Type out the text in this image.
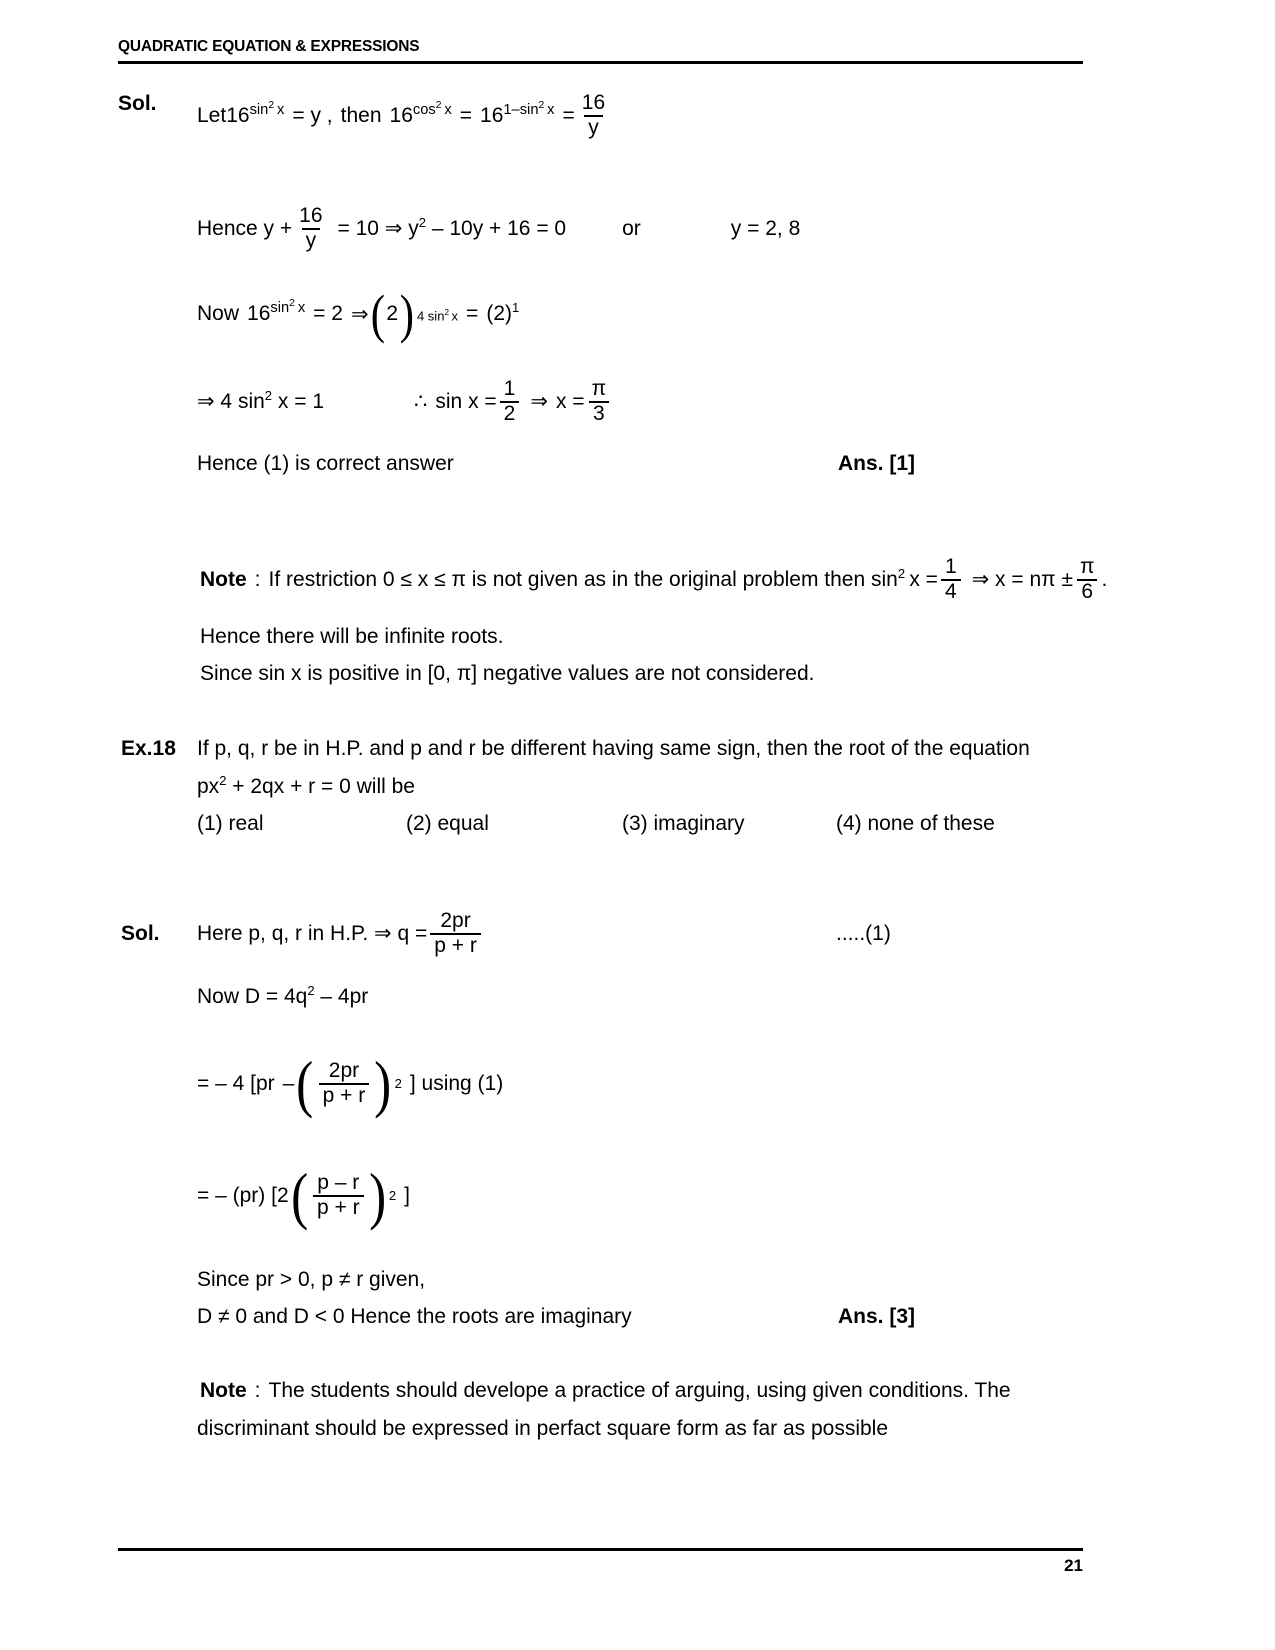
QUADRATIC EQUATION & EXPRESSIONS
Sol.
Let $16^{sin^2 x} = y$ , then $16^{cos^2 x} = 16^{1-sin^2 x} = \frac{16}{y}$
Hence $y + \frac{16}{y} = 10$ ⇒ $y^2 - 10y + 16 = 0$	or	y = 2, 8
Now $16^{sin^2 x} = 2$ ⇒ ( 2 ) 4 $\sin^2 x = (2)^1$
⇒ 4 $\sin^2 x = 1$	∴ $\sin x = \frac{1}{2}$ ⇒ $x = \frac{\pi}{3}$
Hence (1) is correct answer	Ans. [1]
Note : If restriction 0 ≤ x ≤ π is not given as in the original problem then $\sin^2 x = \frac{1}{4}$ ⇒ $x = n\pi \pm \frac{\pi}{6}$ .
Hence there will be infinite roots.
Since sin x is positive in [0, π] negative values are not considered.
Ex.18 If p, q, r be in H.P. and p and r be different having same sign, then the root of the equation
$px^2 + 2qx + r = 0$ will be
(1) real	(2) equal	(3) imaginary	(4) none of these
Sol. Here p, q, r in H.P. ⇒ $q = \frac{2pr}{p + r}$	.....(1)
Now $D = 4q^2 - 4pr$
= – 4 [pr – ( $\frac{2pr}{p + r}$ ) 2 ] using (1)
= – (pr) [2 ( $\frac{p - r}{p + r}$ ) 2 ]
Since pr > 0, p ≠ r given,
D ≠ 0 and D < 0 Hence the roots are imaginary	Ans. [3]
Note : The students should develope a practice of arguing, using given conditions. The
discriminant should be expressed in perfact square form as far as possible
21
